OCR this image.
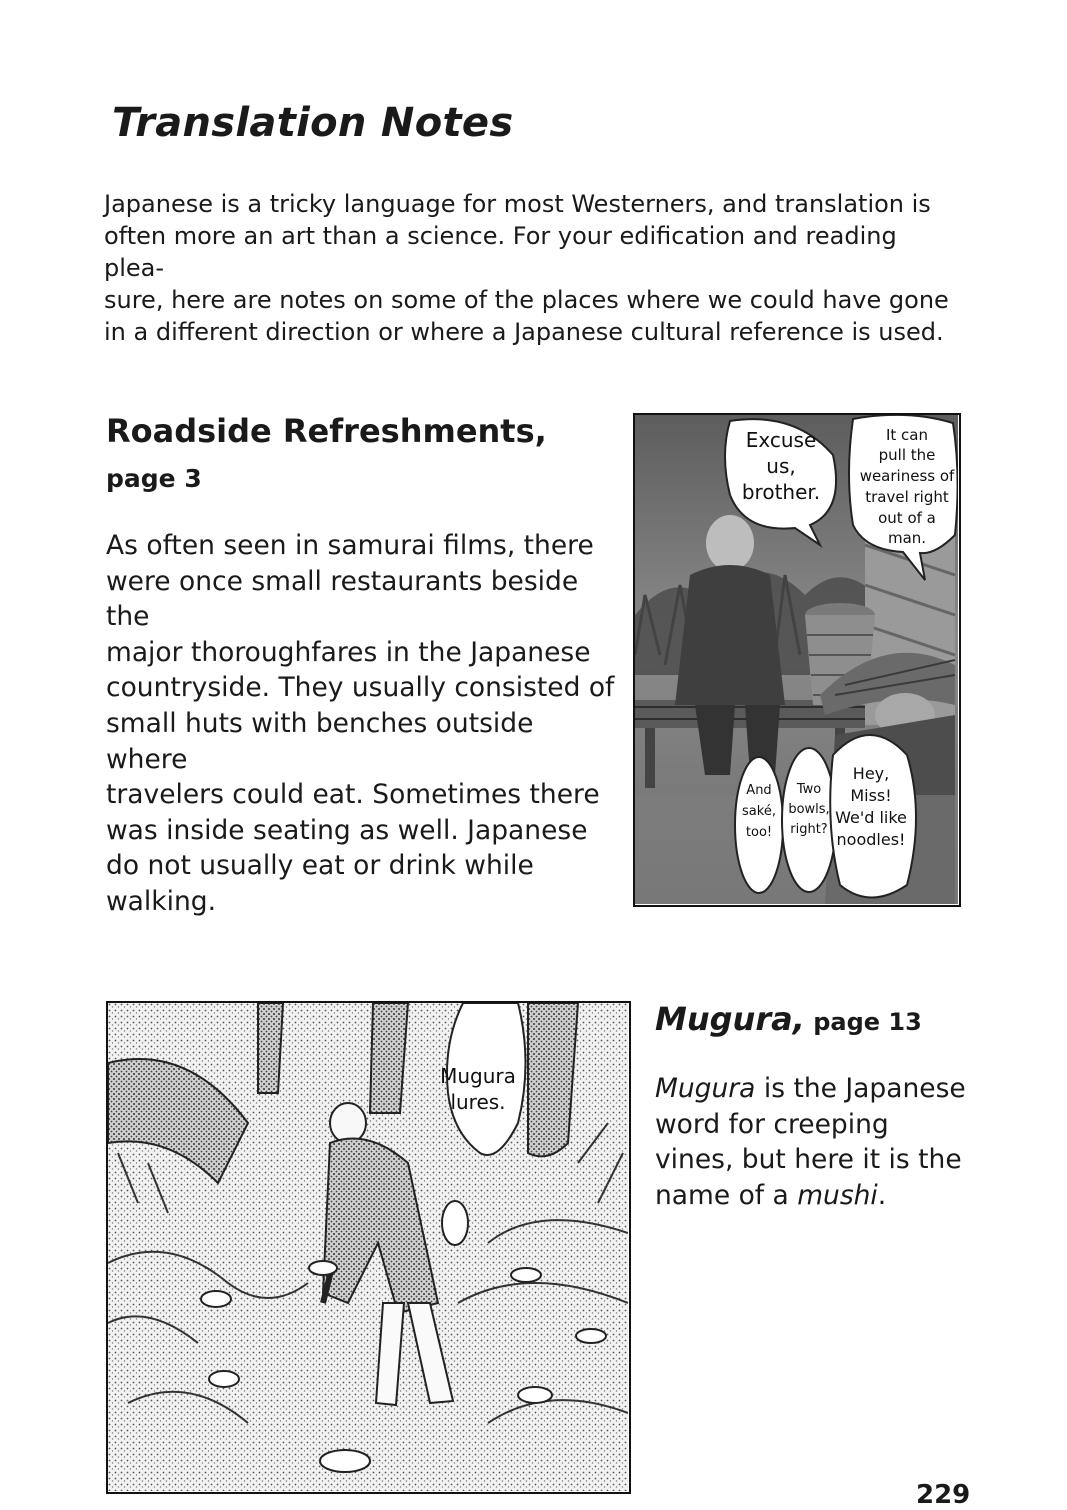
Translation Notes

Japanese is a tricky language for most Westerners, and translation is
often more an art than a science. For your edification and reading plea-
sure, here are notes on some of the places where we could have gone
in a different direction or where a Japanese cultural reference is used.

Roadside Refreshments,
page 3

As often seen in samurai films, there
were once small restaurants beside the
major thoroughfares in the Japanese
countryside. They usually consisted of
small huts with benches outside where
travelers could eat. Sometimes there
was inside seating as well. Japanese
do not usually eat or drink while
walking.

Excuse
us,
brother.
It can
pull the
weariness of
travel right
out of a
man.
And
saké,
too!
Two
bowls,
right?
Hey,
Miss!
We'd like
noodles!
Mugura
lures.
Mugura, page 13

Mugura is the Japanese
word for creeping
vines, but here it is the
name of a mushi.

229
